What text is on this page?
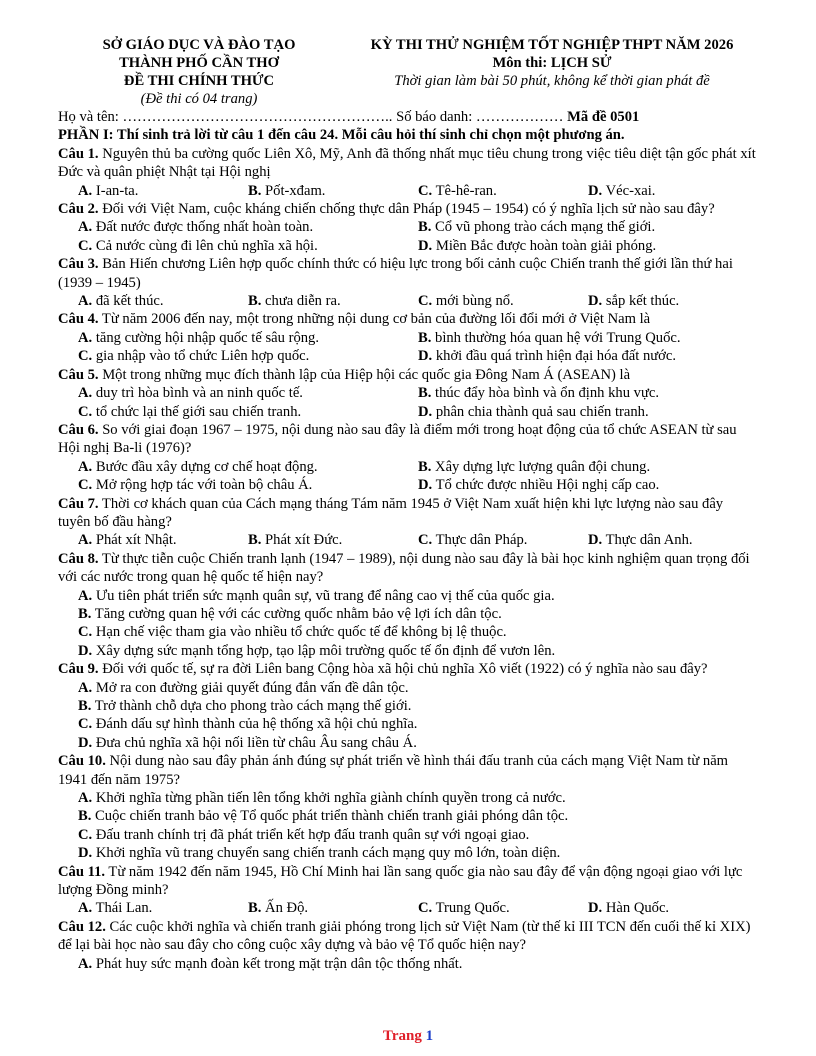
SỞ GIÁO DỤC VÀ ĐÀO TẠO
THÀNH PHỐ CẦN THƠ
ĐỀ THI CHÍNH THỨC
(Đề thi có 04 trang)
KỲ THI THỬ NGHIỆM TỐT NGHIỆP THPT NĂM 2026
Môn thi: LỊCH SỬ
Thời gian làm bài 50 phút, không kể thời gian phát đề
Họ và tên: ……………………………………………….. Số báo danh: ……………… Mã đề 0501
PHẦN I: Thí sinh trả lời từ câu 1 đến câu 24. Mỗi câu hỏi thí sinh chỉ chọn một phương án.
Câu 1. Nguyên thủ ba cường quốc Liên Xô, Mỹ, Anh đã thống nhất mục tiêu chung trong việc tiêu diệt tận gốc phát xít Đức và quân phiệt Nhật tại Hội nghị
A. I-an-ta.	B. Pốt-xđam.	C. Tê-hê-ran.	D. Véc-xai.
Câu 2. Đối với Việt Nam, cuộc kháng chiến chống thực dân Pháp (1945 – 1954) có ý nghĩa lịch sử nào sau đây?
A. Đất nước được thống nhất hoàn toàn.	B. Cổ vũ phong trào cách mạng thế giới.
C. Cả nước cùng đi lên chủ nghĩa xã hội.	D. Miền Bắc được hoàn toàn giải phóng.
Câu 3. Bản Hiến chương Liên hợp quốc chính thức có hiệu lực trong bối cảnh cuộc Chiến tranh thế giới lần thứ hai (1939 – 1945)
A. đã kết thúc.	B. chưa diễn ra.	C. mới bùng nổ.	D. sắp kết thúc.
Câu 4. Từ năm 2006 đến nay, một trong những nội dung cơ bản của đường lối đổi mới ở Việt Nam là
A. tăng cường hội nhập quốc tế sâu rộng.	B. bình thường hóa quan hệ với Trung Quốc.
C. gia nhập vào tổ chức Liên hợp quốc.	D. khởi đầu quá trình hiện đại hóa đất nước.
Câu 5. Một trong những mục đích thành lập của Hiệp hội các quốc gia Đông Nam Á (ASEAN) là
A. duy trì hòa bình và an ninh quốc tế.	B. thúc đẩy hòa bình và ổn định khu vực.
C. tổ chức lại thế giới sau chiến tranh.	D. phân chia thành quả sau chiến tranh.
Câu 6. So với giai đoạn 1967 – 1975, nội dung nào sau đây là điểm mới trong hoạt động của tổ chức ASEAN từ sau Hội nghị Ba-li (1976)?
A. Bước đầu xây dựng cơ chế hoạt động.	B. Xây dựng lực lượng quân đội chung.
C. Mở rộng hợp tác với toàn bộ châu Á.	D. Tổ chức được nhiều Hội nghị cấp cao.
Câu 7. Thời cơ khách quan của Cách mạng tháng Tám năm 1945 ở Việt Nam xuất hiện khi lực lượng nào sau đây tuyên bố đầu hàng?
A. Phát xít Nhật.	B. Phát xít Đức.	C. Thực dân Pháp.	D. Thực dân Anh.
Câu 8. Từ thực tiễn cuộc Chiến tranh lạnh (1947 – 1989), nội dung nào sau đây là bài học kinh nghiệm quan trọng đối với các nước trong quan hệ quốc tế hiện nay?
A. Ưu tiên phát triển sức mạnh quân sự, vũ trang để nâng cao vị thế của quốc gia.
B. Tăng cường quan hệ với các cường quốc nhằm bảo vệ lợi ích dân tộc.
C. Hạn chế việc tham gia vào nhiều tổ chức quốc tế để không bị lệ thuộc.
D. Xây dựng sức mạnh tổng hợp, tạo lập môi trường quốc tế ổn định để vươn lên.
Câu 9. Đối với quốc tế, sự ra đời Liên bang Cộng hòa xã hội chủ nghĩa Xô viết (1922) có ý nghĩa nào sau đây?
A. Mở ra con đường giải quyết đúng đắn vấn đề dân tộc.
B. Trở thành chỗ dựa cho phong trào cách mạng thế giới.
C. Đánh dấu sự hình thành của hệ thống xã hội chủ nghĩa.
D. Đưa chủ nghĩa xã hội nối liền từ châu Âu sang châu Á.
Câu 10. Nội dung nào sau đây phản ánh đúng sự phát triển về hình thái đấu tranh của cách mạng Việt Nam từ năm 1941 đến năm 1975?
A. Khởi nghĩa từng phần tiến lên tổng khởi nghĩa giành chính quyền trong cả nước.
B. Cuộc chiến tranh bảo vệ Tổ quốc phát triển thành chiến tranh giải phóng dân tộc.
C. Đấu tranh chính trị đã phát triển kết hợp đấu tranh quân sự với ngoại giao.
D. Khởi nghĩa vũ trang chuyển sang chiến tranh cách mạng quy mô lớn, toàn diện.
Câu 11. Từ năm 1942 đến năm 1945, Hồ Chí Minh hai lần sang quốc gia nào sau đây để vận động ngoại giao với lực lượng Đồng minh?
A. Thái Lan.	B. Ấn Độ.	C. Trung Quốc.	D. Hàn Quốc.
Câu 12. Các cuộc khởi nghĩa và chiến tranh giải phóng trong lịch sử Việt Nam (từ thế kỉ III TCN đến cuối thế kỉ XIX) để lại bài học nào sau đây cho công cuộc xây dựng và bảo vệ Tổ quốc hiện nay?
A. Phát huy sức mạnh đoàn kết trong mặt trận dân tộc thống nhất.
Trang 1
